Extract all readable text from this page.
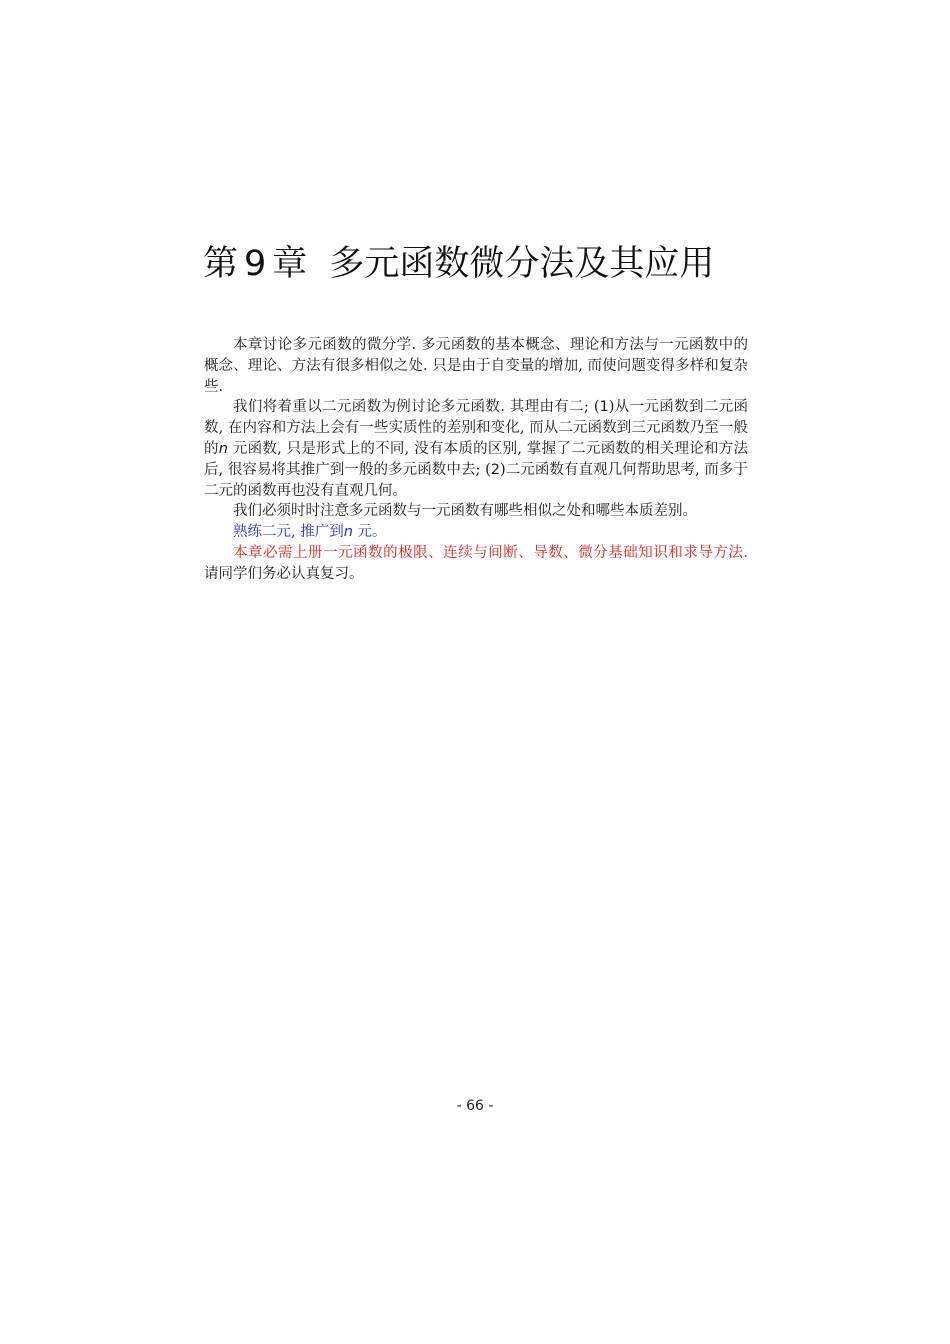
第 9 章 多元函数微分法及其应用

本章讨论多元函数的微分学. 多元函数的基本概念、理论和方法与一元函数中的概念、理论、方法有很多相似之处. 只是由于自变量的增加, 而使问题变得多样和复杂些.

我们将着重以二元函数为例讨论多元函数. 其理由有二; (1)从一元函数到二元函数, 在内容和方法上会有一些实质性的差别和变化, 而从二元函数到三元函数乃至一般的n 元函数, 只是形式上的不同, 没有本质的区别, 掌握了二元函数的相关理论和方法后, 很容易将其推广到一般的多元函数中去; (2)二元函数有直观几何帮助思考, 而多于二元的函数再也没有直观几何。

我们必须时时注意多元函数与一元函数有哪些相似之处和哪些本质差别。

熟练二元, 推广到n 元。

本章必需上册一元函数的极限、连续与间断、导数、微分基础知识和求导方法. 请同学们务必认真复习。

- 66 -
